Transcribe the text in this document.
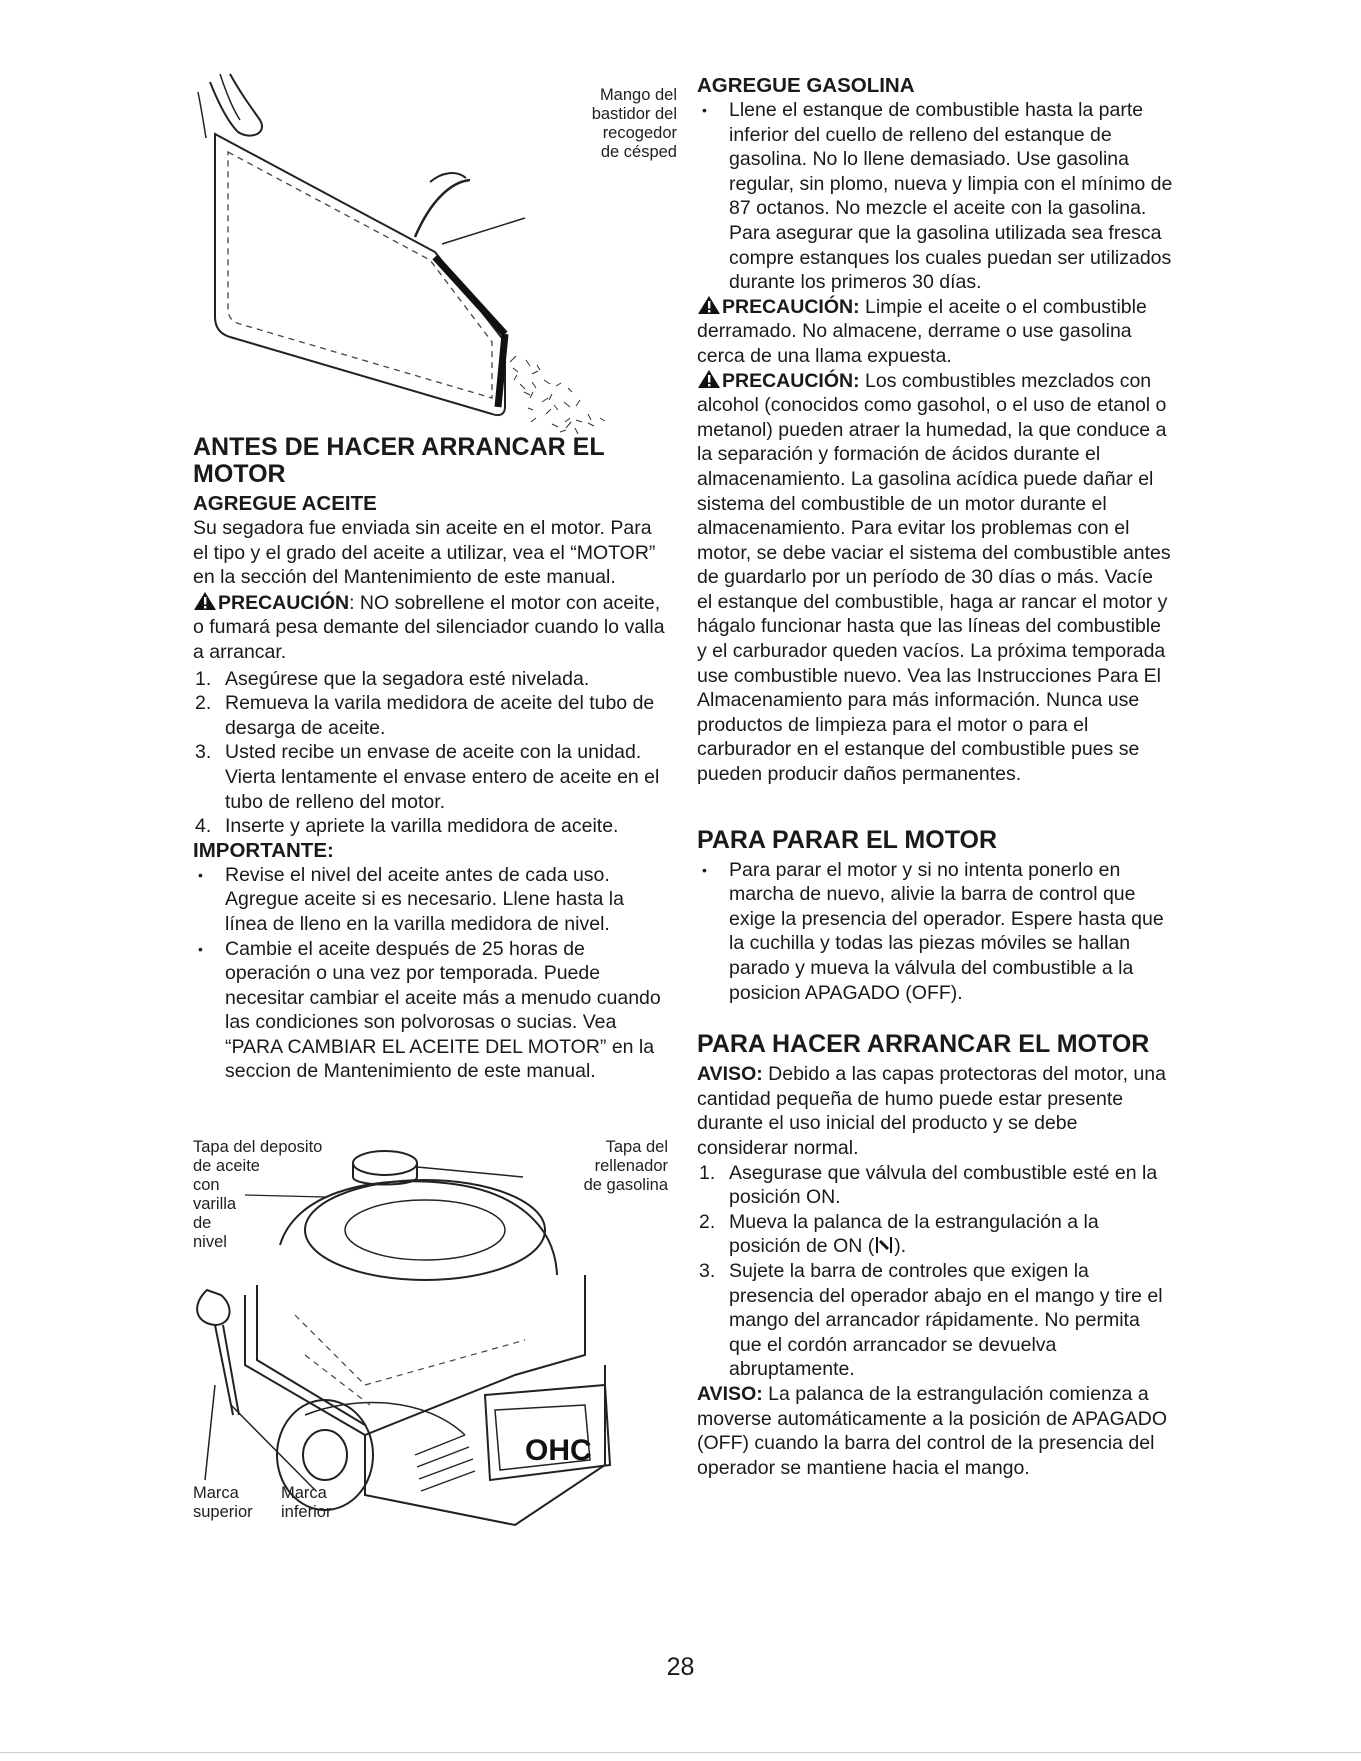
Mango del
bastidor del
recogedor
de césped
ANTES DE HACER ARRANCAR EL MOTOR
AGREGUE ACEITE

Su segadora fue enviada sin aceite en el motor. Para el tipo y el grado del aceite a utilizar, vea el “MOTOR” en la sección del Mantenimiento de este manual.

PRECAUCIÓN: NO sobrellene el motor con aceite, o fumará pesa demante del silenciador cuando lo valla a arrancar.

1. Asegúrese que la segadora esté nivelada.
2. Remueva la varila medidora de aceite del tubo de desarga de aceite.
3. Usted recibe un envase de aceite con la unidad. Vierta lentamente el envase entero de aceite en el tubo de relleno del motor.
4. Inserte y apriete la varilla medidora de aceite.
IMPORTANTE:
• Revise el nivel del aceite antes de cada uso. Agregue aceite si es necesario. Llene hasta la línea de lleno en la varilla medidora de nivel.
• Cambie el aceite después de 25 horas de operación o una vez por temporada. Puede necesitar cambiar el aceite más a menudo cuando las condiciones son polvorosas o sucias. Vea “PARA CAMBIAR EL ACEITE DEL MOTOR” en la seccion de Mantenimiento de este manual.
OHC
Tapa del deposito
de aceite
con
varilla
de
nivel
Tapa del
rellenador
de gasolina
Marca
superior
Marca
inferior
AGREGUE GASOLINA
• Llene el estanque de combustible hasta la parte inferior del cuello de relleno del estanque de gasolina. No lo llene demasiado. Use gasolina regular, sin plomo, nueva y limpia con el mínimo de 87 octanos. No mezcle el aceite con la gasolina. Para asegurar que la gasolina utilizada sea fresca compre estanques los cuales puedan ser utilizados durante los primeros 30 días.

PRECAUCIÓN: Limpie el aceite o el combustible derramado. No almacene, derrame o use gasolina cerca de una llama expuesta.

PRECAUCIÓN: Los combustibles mezclados con alcohol (conocidos como gasohol, o el uso de etanol o metanol) pueden atraer la humedad, la que conduce a la separación y formación de ácidos durante el almacenamiento. La gasolina acídica puede dañar el sistema del combustible de un motor durante el almacenamiento. Para evitar los problemas con el motor, se debe vaciar el sistema del combustible antes de guardarlo por un período de 30 días o más. Vacíe el estanque del combustible, haga ar rancar el motor y hágalo funcionar hasta que las líneas del combustible y el carburador queden vacíos. La próxima temporada use combustible nuevo. Vea las Instrucciones Para El Almacenamiento para más información. Nunca use productos de limpieza para el motor o para el carburador en el estanque del combustible pues se pueden producir daños permanentes.

PARA PARAR EL MOTOR
• Para parar el motor y si no intenta ponerlo en marcha de nuevo, alivie la barra de control que exige la presencia del operador. Espere hasta que la cuchilla y todas las piezas móviles se hallan parado y mueva la válvula del combustible a la posicion APAGADO (OFF).
PARA HACER ARRANCAR EL MOTOR

AVISO: Debido a las capas protectoras del motor, una cantidad pequeña de humo puede estar presente durante el uso inicial del producto y se debe considerar normal.

1. Asegurase que válvula del combustible esté en la posición ON.
2. Mueva la palanca de la estrangulación a la posición de ON ( ).
3. Sujete la barra de controles que exigen la presencia del operador abajo en el mango y tire el mango del arrancador rápidamente. No permita que el cordón arrancador se devuelva abruptamente.

AVISO: La palanca de la estrangulación comienza a moverse automáticamente a la posición de APAGADO (OFF) cuando la barra del control de la presencia del operador se mantiene hacia el mango.

28
